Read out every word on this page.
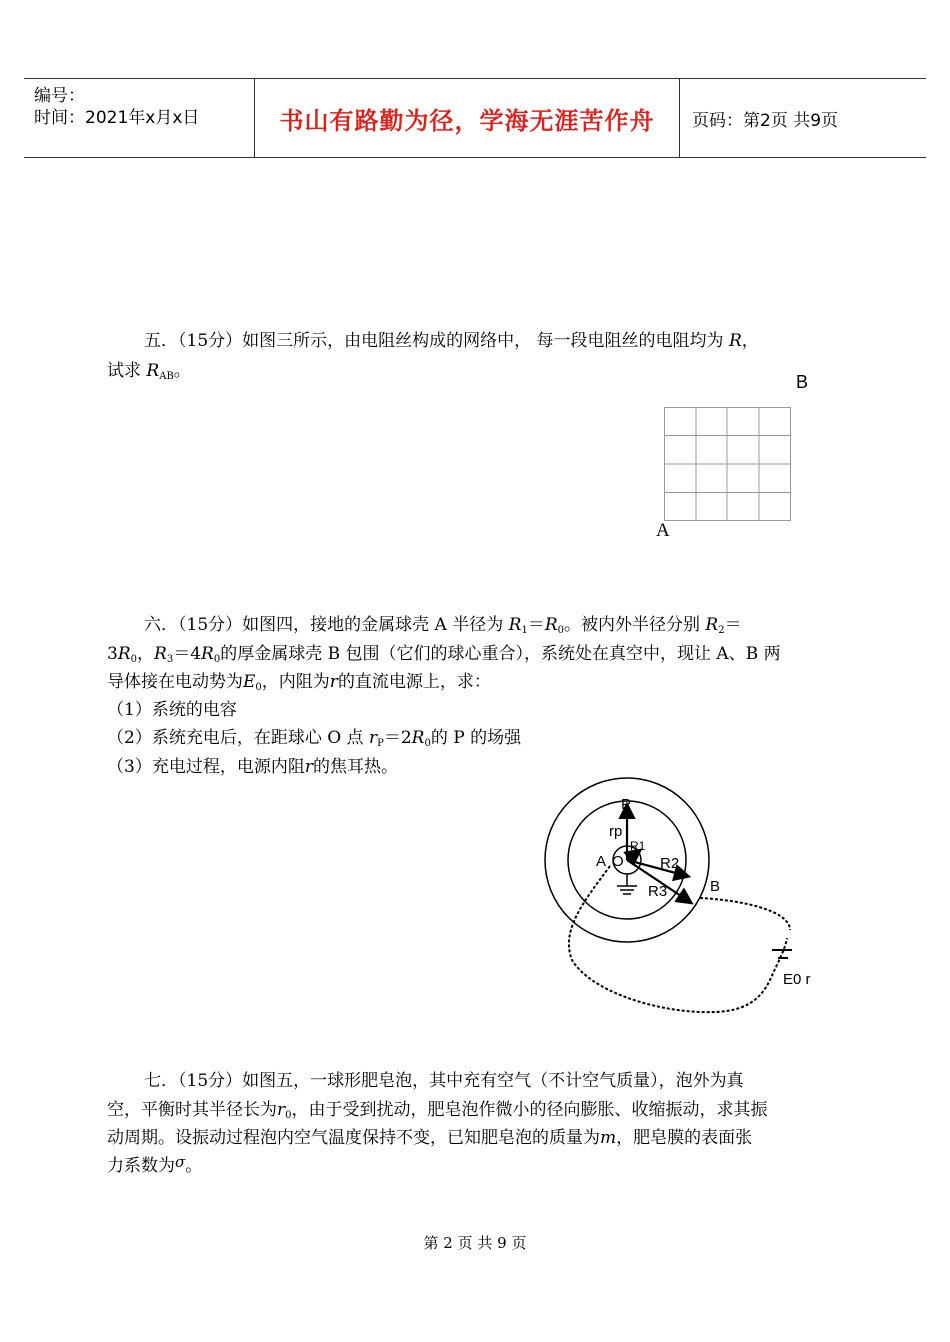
编号：
时间：2021年x月x日	书山有路勤为径，学海无涯苦作舟	页码：第2页 共9页
五．（15分）如图三所示，由电阻丝构成的网络中， 每一段电阻丝的电阻均为 R，
试求 $R_{AB}$。
B
A
六．（15分）如图四，接地的金属球壳 A 半径为 $R_1=R_0$。被内外半径分别 $R_2=$
$3R_0$，$R_3=4R_0$的厚金属球壳 B 包围（它们的球心重合），系统处在真空中，现让 A、B 两
导体接在电动势为$E_0$，内阻为r的直流电源上，求：
（1）系统的电容
（2）系统充电后，在距球心 O 点 $r_P=2R_0$的 P 的场强
（3）充电过程，电源内阻r的焦耳热。
P
rp
R1
A O R2
R3	B
E0 r
七．（15分）如图五，一球形肥皂泡，其中充有空气（不计空气质量），泡外为真
空，平衡时其半径长为$r_0$，由于受到扰动，肥皂泡作微小的径向膨胀、收缩振动，求其振
动周期。设振动过程泡内空气温度保持不变，已知肥皂泡的质量为m，肥皂膜的表面张
力系数为σ。
第 2 页 共 9 页
